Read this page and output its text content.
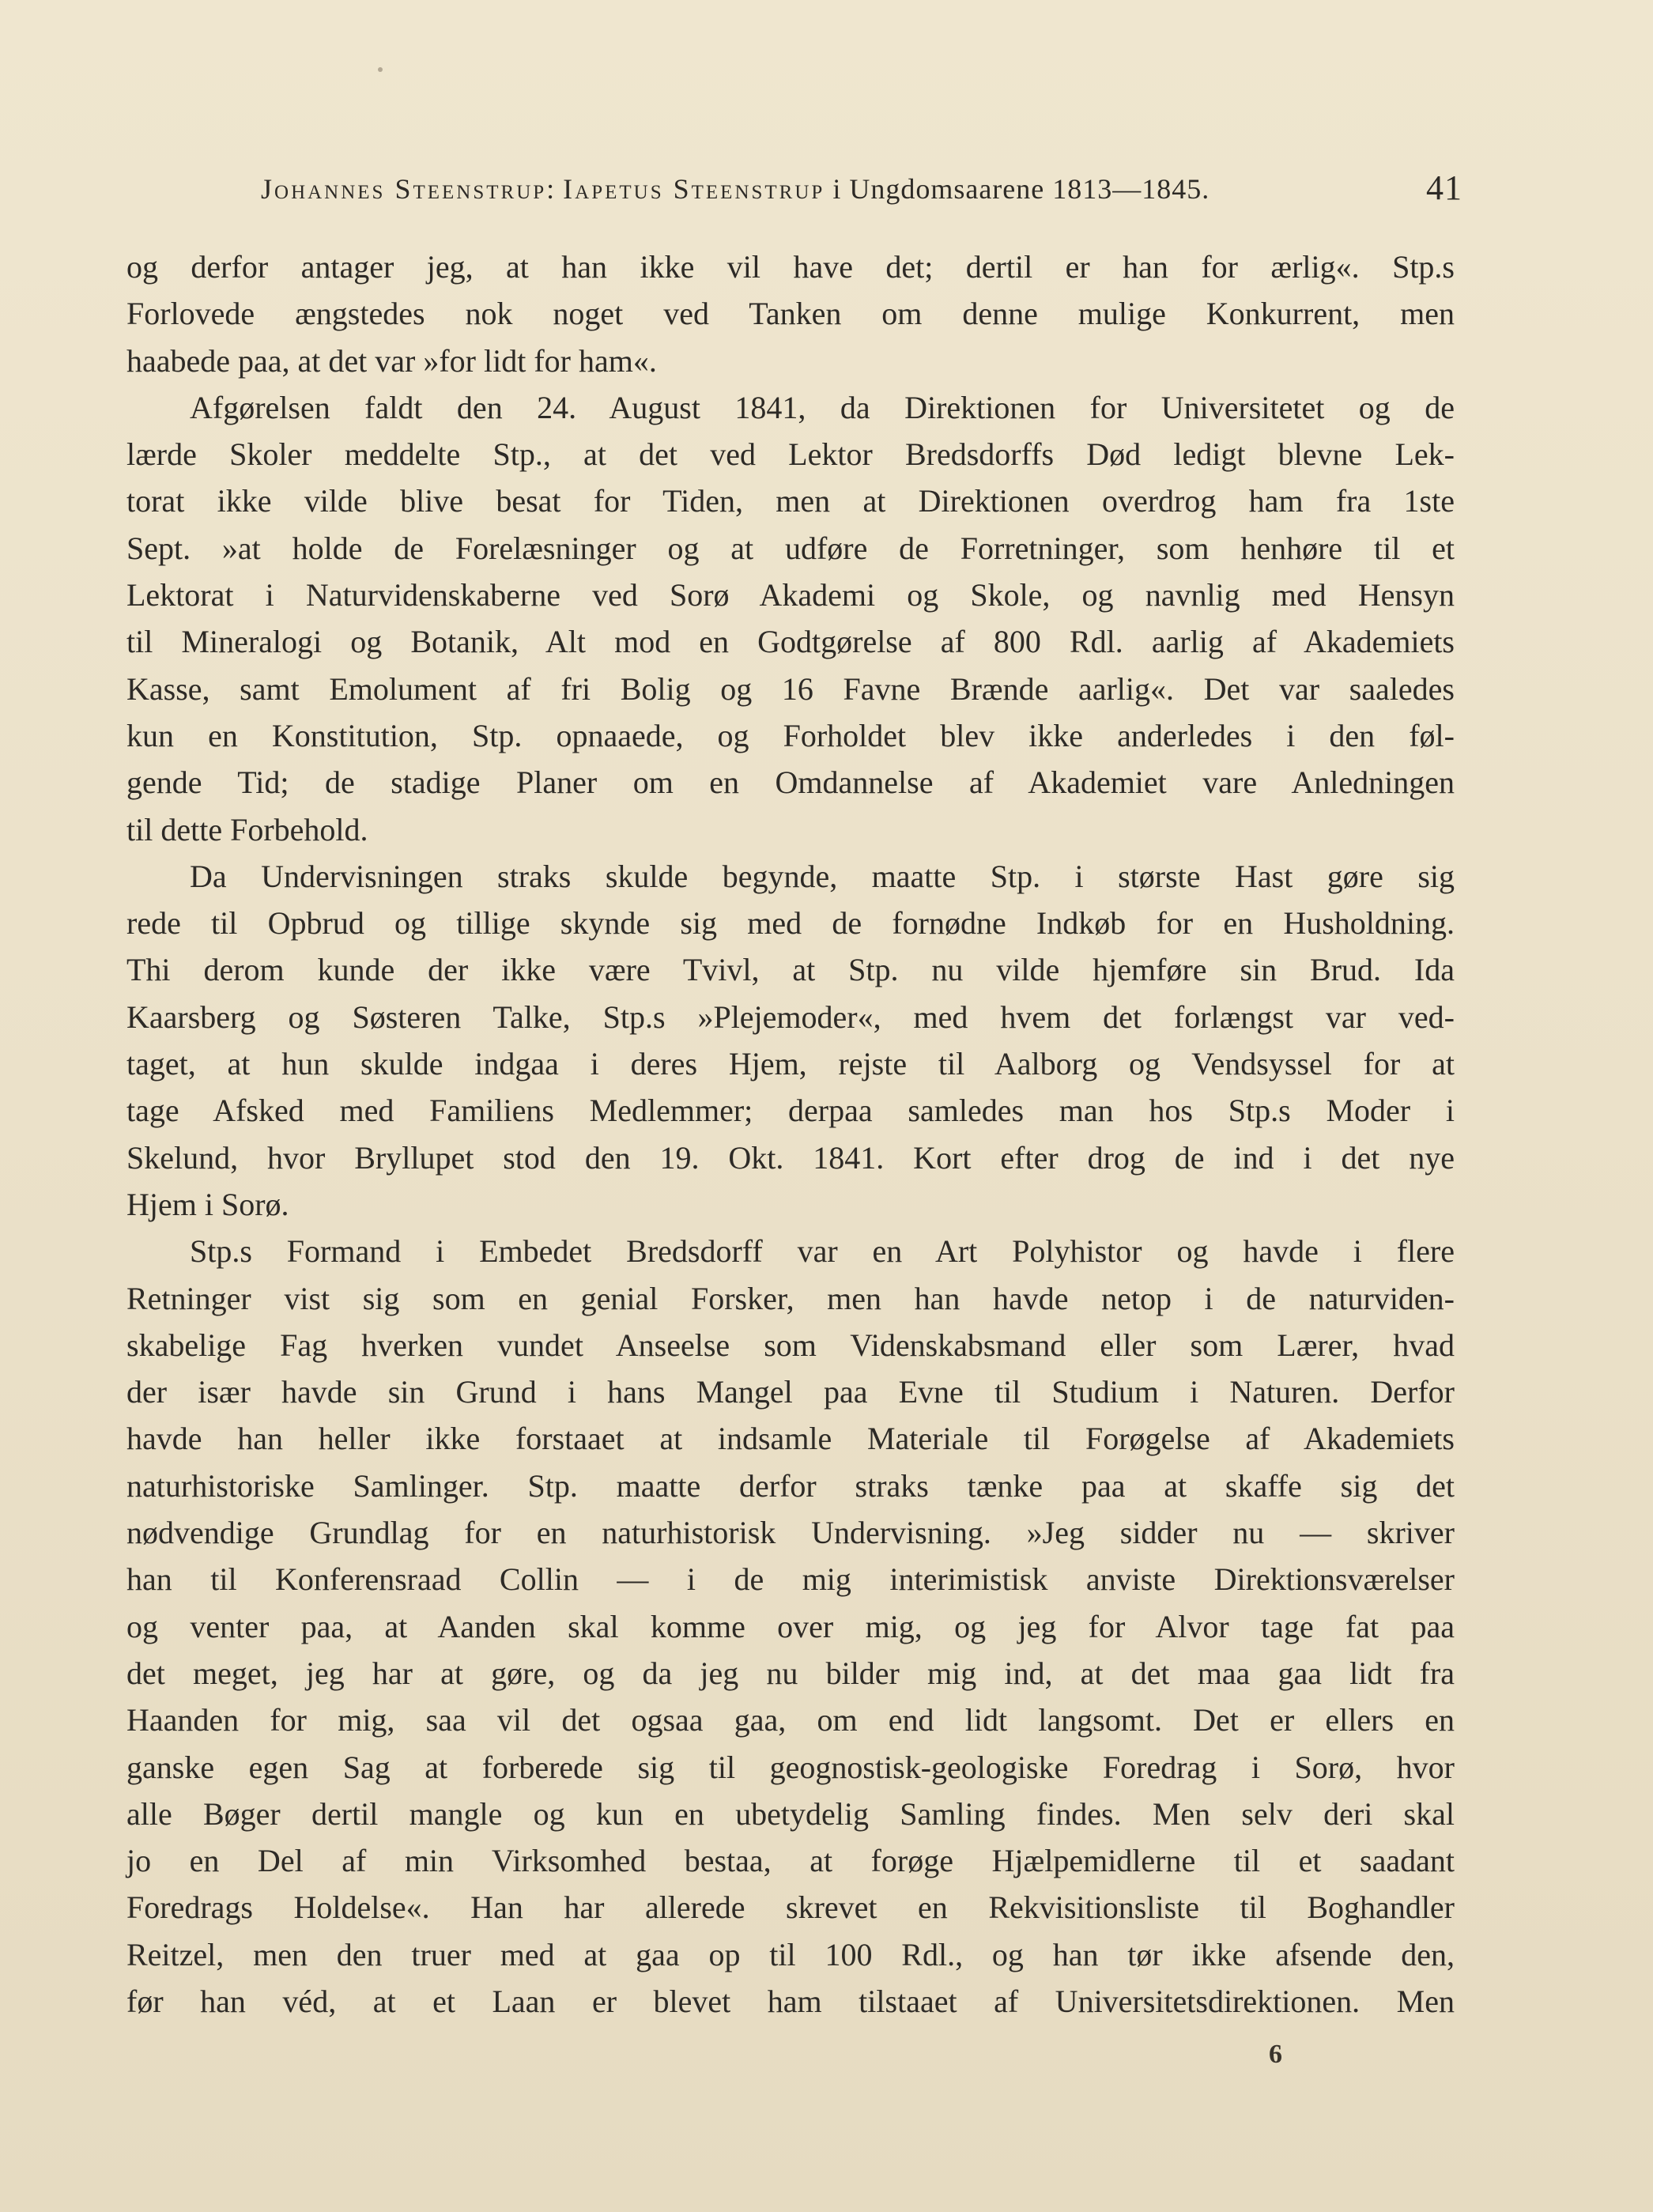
Johannes Steenstrup: Iapetus Steenstrup i Ungdomsaarene 1813—1845.	41
og derfor antager jeg, at han ikke vil have det; dertil er han for ærlig«. Stp.s
Forlovede ængstedes nok noget ved Tanken om denne mulige Konkurrent, men
haabede paa, at det var »for lidt for ham«.
Afgørelsen faldt den 24. August 1841, da Direktionen for Universitetet og de
lærde Skoler meddelte Stp., at det ved Lektor Bredsdorffs Død ledigt blevne Lek-
torat ikke vilde blive besat for Tiden, men at Direktionen overdrog ham fra 1ste
Sept. »at holde de Forelæsninger og at udføre de Forretninger, som henhøre til et
Lektorat i Naturvidenskaberne ved Sorø Akademi og Skole, og navnlig med Hensyn
til Mineralogi og Botanik, Alt mod en Godtgørelse af 800 Rdl. aarlig af Akademiets
Kasse, samt Emolument af fri Bolig og 16 Favne Brænde aarlig«. Det var saaledes
kun en Konstitution, Stp. opnaaede, og Forholdet blev ikke anderledes i den føl-
gende Tid; de stadige Planer om en Omdannelse af Akademiet vare Anledningen
til dette Forbehold.
Da Undervisningen straks skulde begynde, maatte Stp. i største Hast gøre sig
rede til Opbrud og tillige skynde sig med de fornødne Indkøb for en Husholdning.
Thi derom kunde der ikke være Tvivl, at Stp. nu vilde hjemføre sin Brud. Ida
Kaarsberg og Søsteren Talke, Stp.s »Plejemoder«, med hvem det forlængst var ved-
taget, at hun skulde indgaa i deres Hjem, rejste til Aalborg og Vendsyssel for at
tage Afsked med Familiens Medlemmer; derpaa samledes man hos Stp.s Moder i
Skelund, hvor Bryllupet stod den 19. Okt. 1841. Kort efter drog de ind i det nye
Hjem i Sorø.
Stp.s Formand i Embedet Bredsdorff var en Art Polyhistor og havde i flere
Retninger vist sig som en genial Forsker, men han havde netop i de naturviden-
skabelige Fag hverken vundet Anseelse som Videnskabsmand eller som Lærer, hvad
der især havde sin Grund i hans Mangel paa Evne til Studium i Naturen. Derfor
havde han heller ikke forstaaet at indsamle Materiale til Forøgelse af Akademiets
naturhistoriske Samlinger. Stp. maatte derfor straks tænke paa at skaffe sig det
nødvendige Grundlag for en naturhistorisk Undervisning. »Jeg sidder nu — skriver
han til Konferensraad Collin — i de mig interimistisk anviste Direktionsværelser
og venter paa, at Aanden skal komme over mig, og jeg for Alvor tage fat paa
det meget, jeg har at gøre, og da jeg nu bilder mig ind, at det maa gaa lidt fra
Haanden for mig, saa vil det ogsaa gaa, om end lidt langsomt. Det er ellers en
ganske egen Sag at forberede sig til geognostisk-geologiske Foredrag i Sorø, hvor
alle Bøger dertil mangle og kun en ubetydelig Samling findes. Men selv deri skal
jo en Del af min Virksomhed bestaa, at forøge Hjælpemidlerne til et saadant
Foredrags Holdelse«. Han har allerede skrevet en Rekvisitionsliste til Boghandler
Reitzel, men den truer med at gaa op til 100 Rdl., og han tør ikke afsende den,
før han véd, at et Laan er blevet ham tilstaaet af Universitetsdirektionen. Men
6
